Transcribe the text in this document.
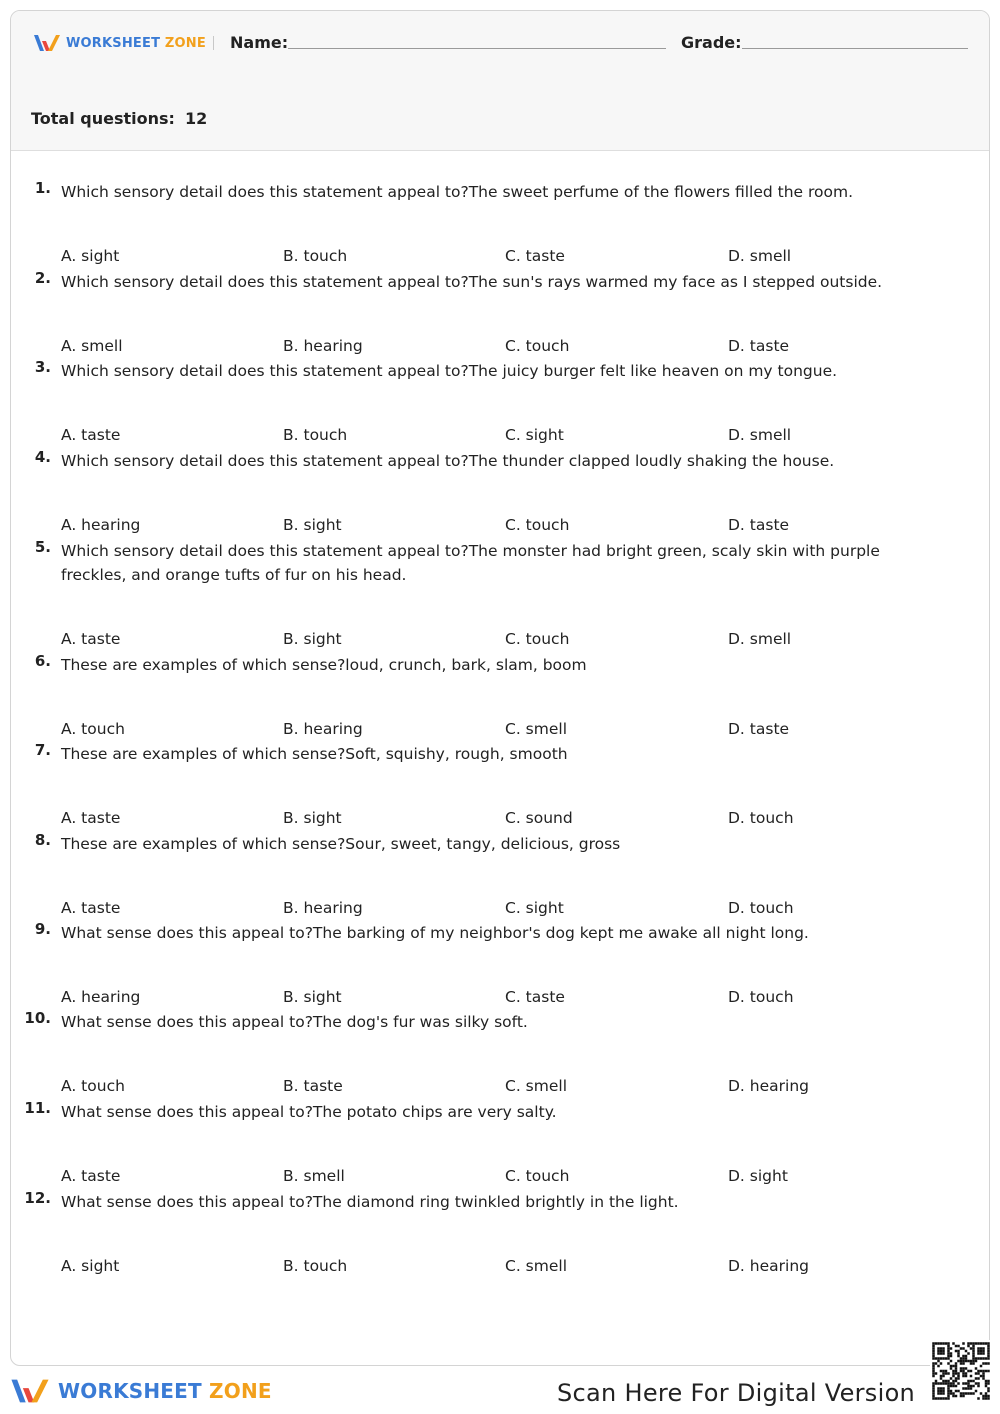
WORKSHEET ZONE Name:	Grade:
Total questions: 12
1. Which sensory detail does this statement appeal to?The sweet perfume of the flowers filled the room.
A. sight	B. touch	C. taste	D. smell
2. Which sensory detail does this statement appeal to?The sun's rays warmed my face as I stepped outside.
A. smell	B. hearing	C. touch	D. taste
3. Which sensory detail does this statement appeal to?The juicy burger felt like heaven on my tongue.
A. taste	B. touch	C. sight	D. smell
4. Which sensory detail does this statement appeal to?The thunder clapped loudly shaking the house.
A. hearing	B. sight	C. touch	D. taste
5. Which sensory detail does this statement appeal to?The monster had bright green, scaly skin with purple freckles, and orange tufts of fur on his head.
A. taste	B. sight	C. touch	D. smell
6. These are examples of which sense?loud, crunch, bark, slam, boom
A. touch	B. hearing	C. smell	D. taste
7. These are examples of which sense?Soft, squishy, rough, smooth
A. taste	B. sight	C. sound	D. touch
8. These are examples of which sense?Sour, sweet, tangy, delicious, gross
A. taste	B. hearing	C. sight	D. touch
9. What sense does this appeal to?The barking of my neighbor's dog kept me awake all night long.
A. hearing	B. sight	C. taste	D. touch
10. What sense does this appeal to?The dog's fur was silky soft.
A. touch	B. taste	C. smell	D. hearing
11. What sense does this appeal to?The potato chips are very salty.
A. taste	B. smell	C. touch	D. sight
12. What sense does this appeal to?The diamond ring twinkled brightly in the light.
A. sight	B. touch	C. smell	D. hearing
WORKSHEET ZONE	Scan Here For Digital Version
